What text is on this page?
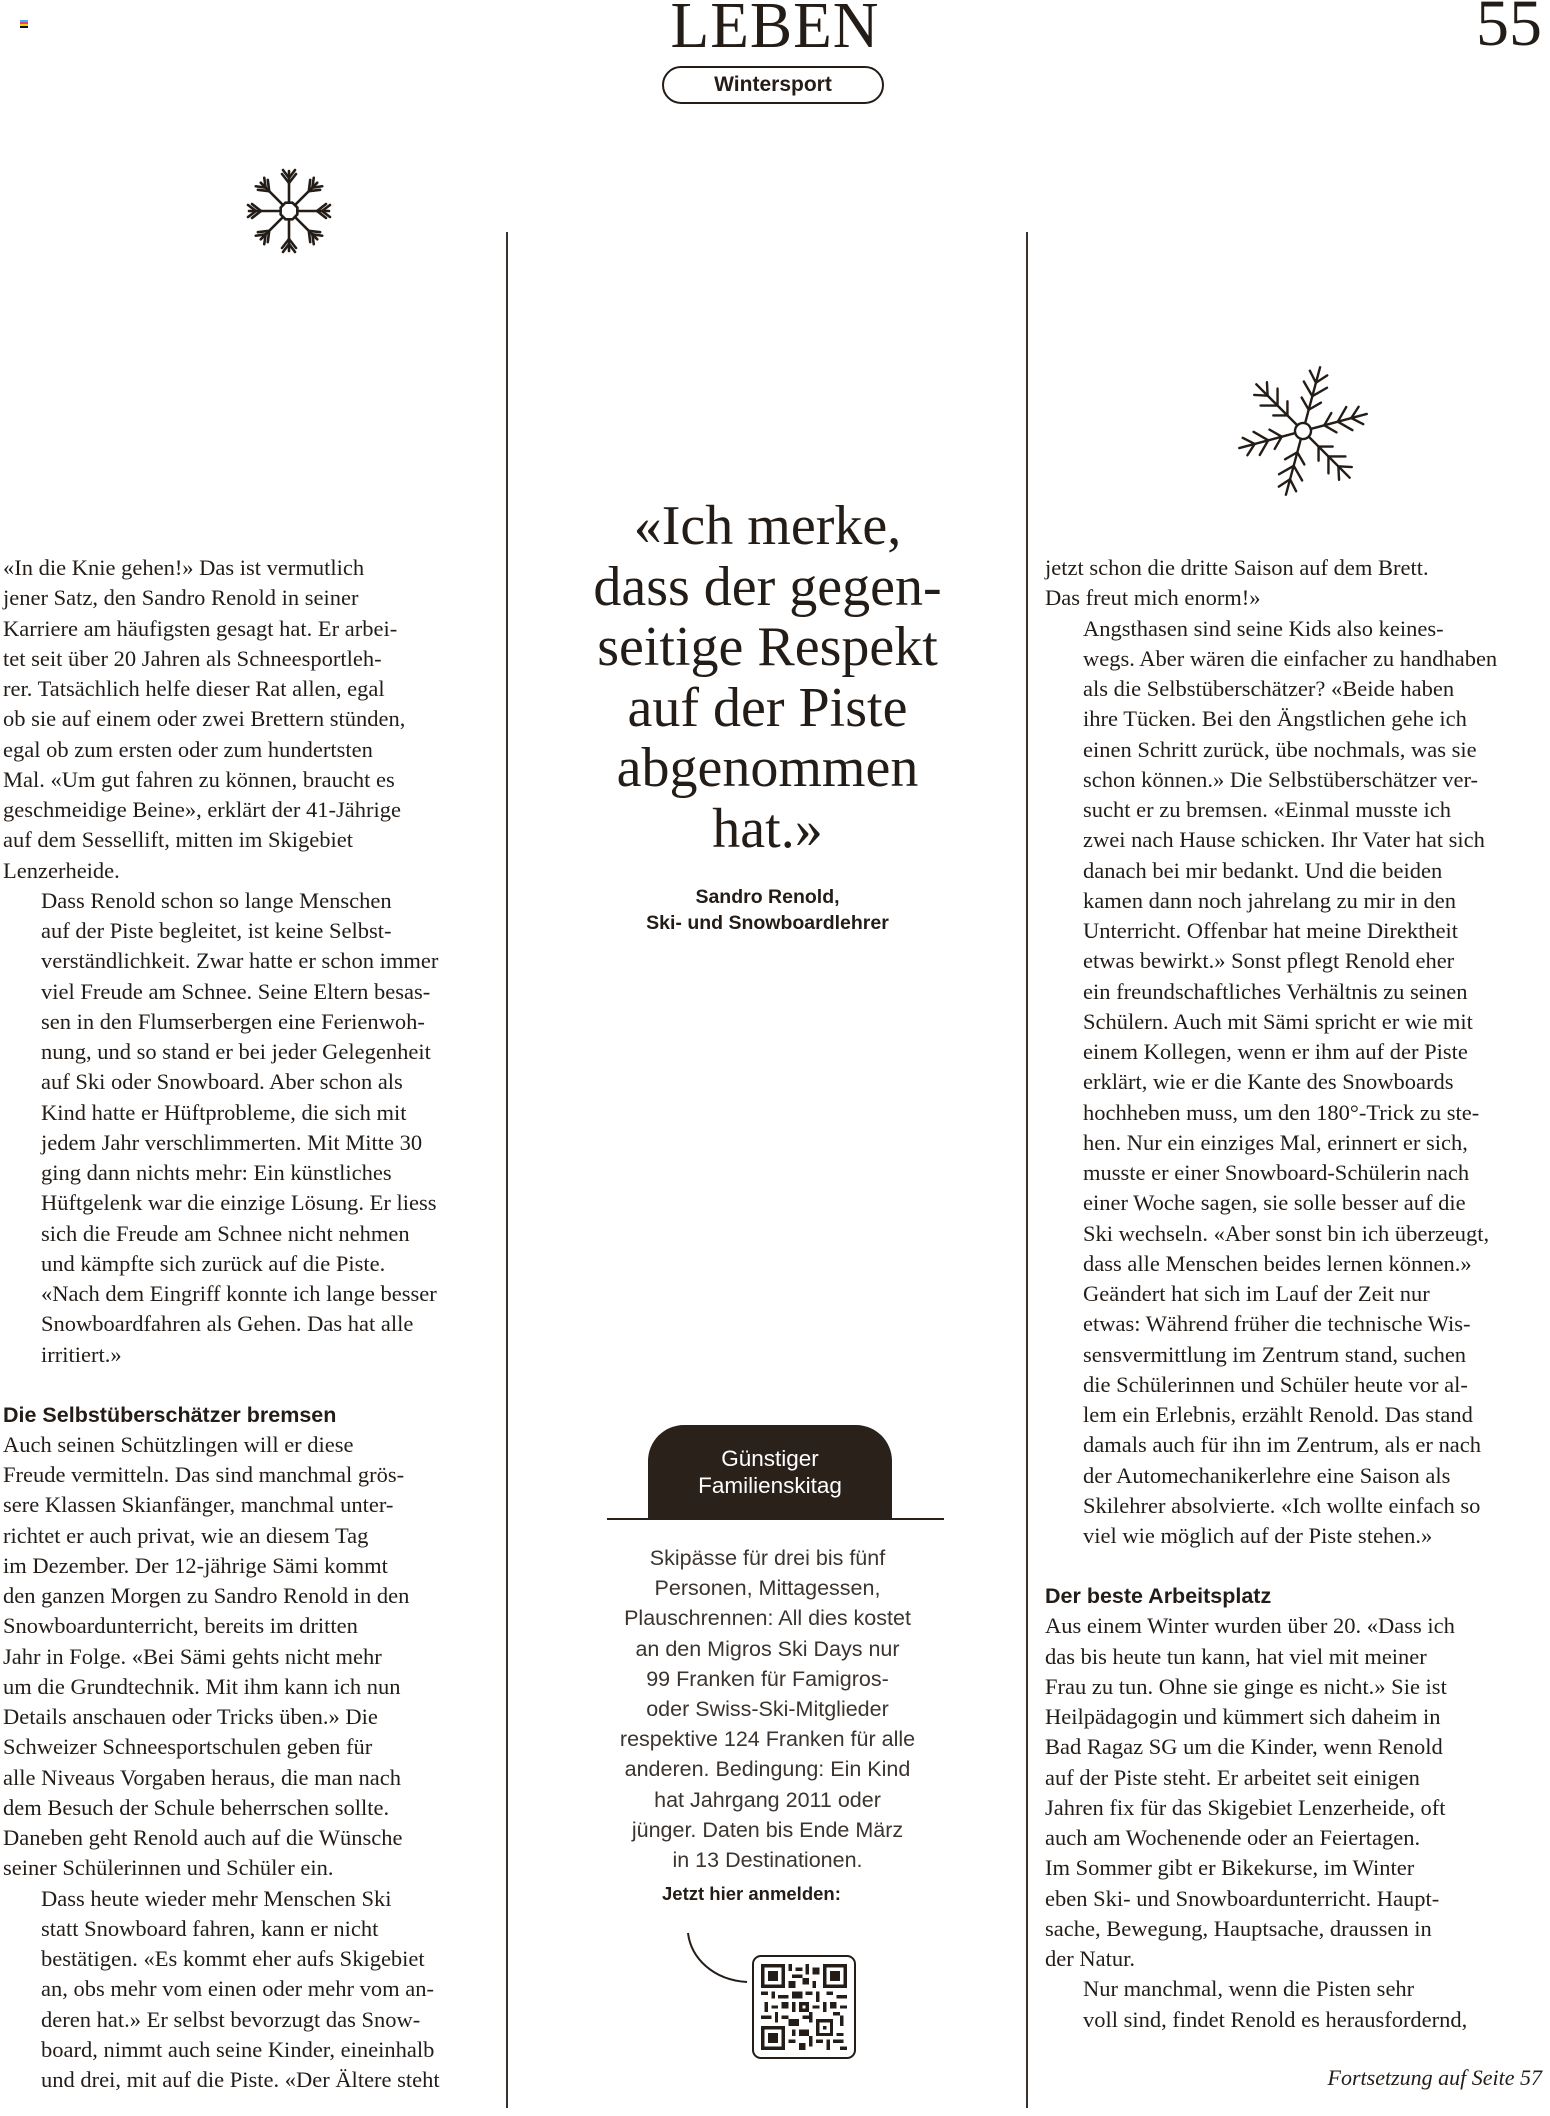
LEBEN
Wintersport
55

«In die Knie gehen!» Das ist vermutlich
jener Satz, den Sandro Renold in seiner
Karriere am häufigsten gesagt hat. Er arbei-
tet seit über 20 Jahren als Schneesportleh-
rer. Tatsächlich helfe dieser Rat allen, egal
ob sie auf einem oder zwei Brettern stünden,
egal ob zum ersten oder zum hundertsten
Mal. «Um gut fahren zu können, braucht es
geschmeidige Beine», erklärt der 41-Jährige
auf dem Sessellift, mitten im Skigebiet
Lenzerheide.

Dass Renold schon so lange Menschen
auf der Piste begleitet, ist keine Selbst-
verständlichkeit. Zwar hatte er schon immer
viel Freude am Schnee. Seine Eltern besas-
sen in den Flumserbergen eine Ferienwoh-
nung, und so stand er bei jeder Gelegenheit
auf Ski oder Snowboard. Aber schon als
Kind hatte er Hüftprobleme, die sich mit
jedem Jahr verschlimmerten. Mit Mitte 30
ging dann nichts mehr: Ein künstliches
Hüftgelenk war die einzige Lösung. Er liess
sich die Freude am Schnee nicht nehmen
und kämpfte sich zurück auf die Piste.
«Nach dem Eingriff konnte ich lange besser
Snowboardfahren als Gehen. Das hat alle
irritiert.»

Die Selbstüberschätzer bremsen

Auch seinen Schützlingen will er diese
Freude vermitteln. Das sind manchmal grös-
sere Klassen Skianfänger, manchmal unter-
richtet er auch privat, wie an diesem Tag
im Dezember. Der 12-jährige Sämi kommt
den ganzen Morgen zu Sandro Renold in den
Snowboardunterricht, bereits im dritten
Jahr in Folge. «Bei Sämi gehts nicht mehr
um die Grundtechnik. Mit ihm kann ich nun
Details anschauen oder Tricks üben.» Die
Schweizer Schneesportschulen geben für
alle Niveaus Vorgaben heraus, die man nach
dem Besuch der Schule beherrschen sollte.
Daneben geht Renold auch auf die Wünsche
seiner Schülerinnen und Schüler ein.

Dass heute wieder mehr Menschen Ski
statt Snowboard fahren, kann er nicht
bestätigen. «Es kommt eher aufs Skigebiet
an, obs mehr vom einen oder mehr vom an-
deren hat.» Er selbst bevorzugt das Snow-
board, nimmt auch seine Kinder, eineinhalb
und drei, mit auf die Piste. «Der Ältere steht

«Ich merke,
dass der gegen-
seitige Respekt
auf der Piste
abgenommen
hat.»
Sandro Renold,
Ski- und Snowboardlehrer
Günstiger
Familienskitag
Skipässe für drei bis fünf
Personen, Mittagessen,
Plauschrennen: All dies kostet
an den Migros Ski Days nur
99 Franken für Famigros-
oder Swiss-Ski-Mitglieder
respektive 124 Franken für alle
anderen. Bedingung: Ein Kind
hat Jahrgang 2011 oder
jünger. Daten bis Ende März
in 13 Destinationen.
Jetzt hier anmelden:

jetzt schon die dritte Saison auf dem Brett.
Das freut mich enorm!»

Angsthasen sind seine Kids also keines-
wegs. Aber wären die einfacher zu handhaben
als die Selbstüberschätzer? «Beide haben
ihre Tücken. Bei den Ängstlichen gehe ich
einen Schritt zurück, übe nochmals, was sie
schon können.» Die Selbstüberschätzer ver-
sucht er zu bremsen. «Einmal musste ich
zwei nach Hause schicken. Ihr Vater hat sich
danach bei mir bedankt. Und die beiden
kamen dann noch jahrelang zu mir in den
Unterricht. Offenbar hat meine Direktheit
etwas bewirkt.» Sonst pflegt Renold eher
ein freundschaftliches Verhältnis zu seinen
Schülern. Auch mit Sämi spricht er wie mit
einem Kollegen, wenn er ihm auf der Piste
erklärt, wie er die Kante des Snowboards
hochheben muss, um den 180°-Trick zu ste-
hen. Nur ein einziges Mal, erinnert er sich,
musste er einer Snowboard-Schülerin nach
einer Woche sagen, sie solle besser auf die
Ski wechseln. «Aber sonst bin ich überzeugt,
dass alle Menschen beides lernen können.»

Geändert hat sich im Lauf der Zeit nur
etwas: Während früher die technische Wis-
sensvermittlung im Zentrum stand, suchen
die Schülerinnen und Schüler heute vor al-
lem ein Erlebnis, erzählt Renold. Das stand
damals auch für ihn im Zentrum, als er nach
der Automechanikerlehre eine Saison als
Skilehrer absolvierte. «Ich wollte einfach so
viel wie möglich auf der Piste stehen.»

Der beste Arbeitsplatz

Aus einem Winter wurden über 20. «Dass ich
das bis heute tun kann, hat viel mit meiner
Frau zu tun. Ohne sie ginge es nicht.» Sie ist
Heilpädagogin und kümmert sich daheim in
Bad Ragaz SG um die Kinder, wenn Renold
auf der Piste steht. Er arbeitet seit einigen
Jahren fix für das Skigebiet Lenzerheide, oft
auch am Wochenende oder an Feiertagen.
Im Sommer gibt er Bikekurse, im Winter
eben Ski- und Snowboardunterricht. Haupt-
sache, Bewegung, Hauptsache, draussen in
der Natur.

Nur manchmal, wenn die Pisten sehr
voll sind, findet Renold es herausfordernd,

Fortsetzung auf Seite 57
